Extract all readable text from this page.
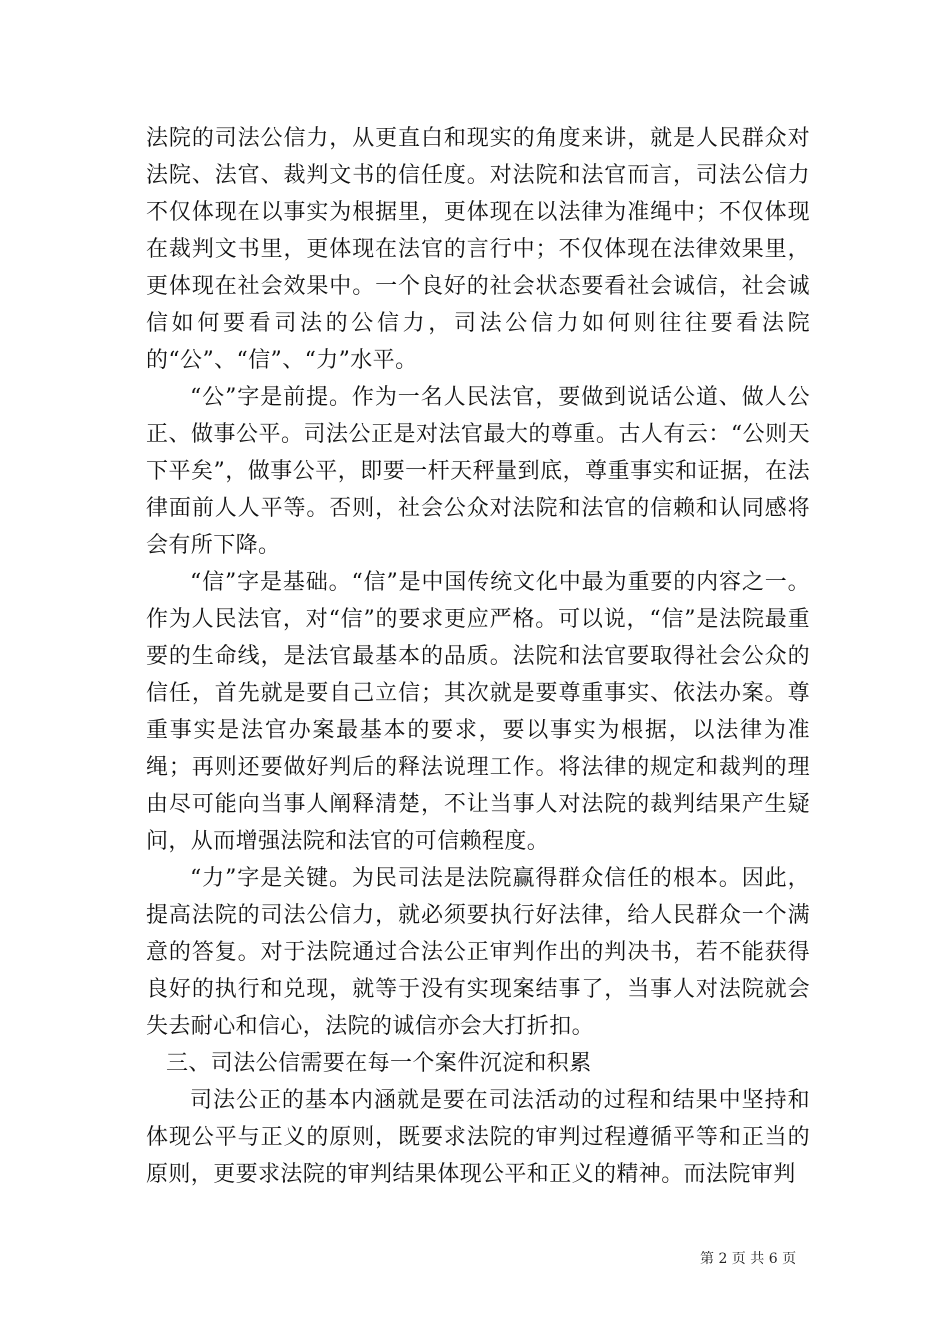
法院的司法公信力，从更直白和现实的角度来讲，就是人民群众对法院、法官、裁判文书的信任度。对法院和法官而言，司法公信力不仅体现在以事实为根据里，更体现在以法律为准绳中；不仅体现在裁判文书里，更体现在法官的言行中；不仅体现在法律效果里，更体现在社会效果中。一个良好的社会状态要看社会诚信，社会诚信如何要看司法的公信力，司法公信力如何则往往要看法院的“公”、“信”、“力”水平。

“公”字是前提。作为一名人民法官，要做到说话公道、做人公正、做事公平。司法公正是对法官最大的尊重。古人有云：“公则天下平矣”，做事公平，即要一杆天秤量到底，尊重事实和证据，在法律面前人人平等。否则，社会公众对法院和法官的信赖和认同感将会有所下降。

“信”字是基础。“信”是中国传统文化中最为重要的内容之一。作为人民法官，对“信”的要求更应严格。可以说，“信”是法院最重要的生命线，是法官最基本的品质。法院和法官要取得社会公众的信任，首先就是要自己立信；其次就是要尊重事实、依法办案。尊重事实是法官办案最基本的要求，要以事实为根据，以法律为准绳；再则还要做好判后的释法说理工作。将法律的规定和裁判的理由尽可能向当事人阐释清楚，不让当事人对法院的裁判结果产生疑问，从而增强法院和法官的可信赖程度。

“力”字是关键。为民司法是法院赢得群众信任的根本。因此，提高法院的司法公信力，就必须要执行好法律，给人民群众一个满意的答复。对于法院通过合法公正审判作出的判决书，若不能获得良好的执行和兑现，就等于没有实现案结事了，当事人对法院就会失去耐心和信心，法院的诚信亦会大打折扣。

三、司法公信需要在每一个案件沉淀和积累

司法公正的基本内涵就是要在司法活动的过程和结果中坚持和体现公平与正义的原则，既要求法院的审判过程遵循平等和正当的原则，更要求法院的审判结果体现公平和正义的精神。而法院审判

第 2 页 共 6 页
